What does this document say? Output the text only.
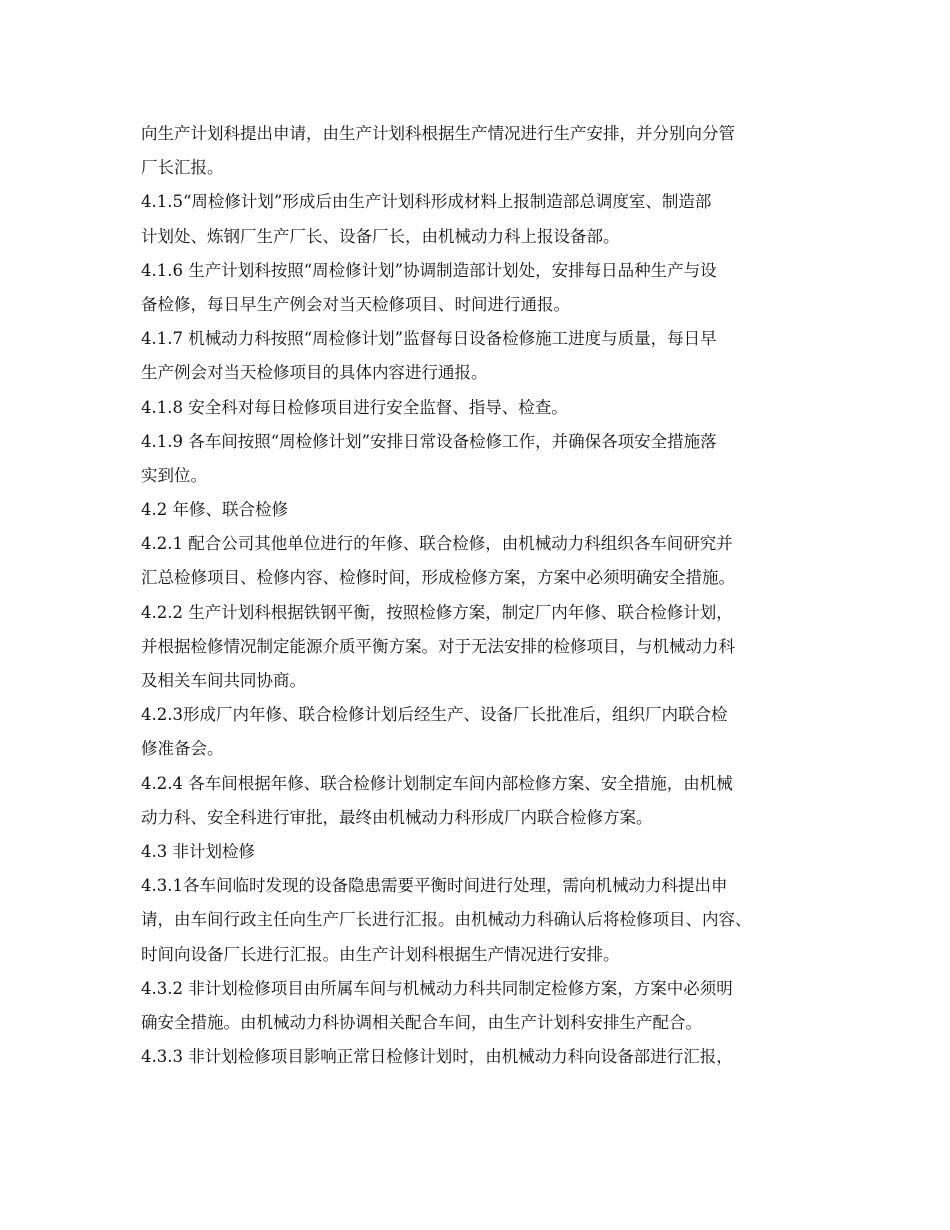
向生产计划科提出申请，由生产计划科根据生产情况进行生产安排，并分别向分管
厂长汇报。
4.1.5“周检修计划”形成后由生产计划科形成材料上报制造部总调度室、制造部
计划处、炼钢厂生产厂长、设备厂长，由机械动力科上报设备部。
4.1.6 生产计划科按照“周检修计划”协调制造部计划处，安排每日品种生产与设
备检修，每日早生产例会对当天检修项目、时间进行通报。
4.1.7 机械动力科按照“周检修计划”监督每日设备检修施工进度与质量，每日早
生产例会对当天检修项目的具体内容进行通报。
4.1.8 安全科对每日检修项目进行安全监督、指导、检查。
4.1.9 各车间按照“周检修计划”安排日常设备检修工作，并确保各项安全措施落
实到位。
4.2 年修、联合检修
4.2.1 配合公司其他单位进行的年修、联合检修，由机械动力科组织各车间研究并
汇总检修项目、检修内容、检修时间，形成检修方案，方案中必须明确安全措施。
4.2.2 生产计划科根据铁钢平衡，按照检修方案，制定厂内年修、联合检修计划，
并根据检修情况制定能源介质平衡方案。对于无法安排的检修项目，与机械动力科
及相关车间共同协商。
4.2.3形成厂内年修、联合检修计划后经生产、设备厂长批准后，组织厂内联合检
修准备会。
4.2.4 各车间根据年修、联合检修计划制定车间内部检修方案、安全措施，由机械
动力科、安全科进行审批，最终由机械动力科形成厂内联合检修方案。
4.3 非计划检修
4.3.1各车间临时发现的设备隐患需要平衡时间进行处理，需向机械动力科提出申
请，由车间行政主任向生产厂长进行汇报。由机械动力科确认后将检修项目、内容、
时间向设备厂长进行汇报。由生产计划科根据生产情况进行安排。
4.3.2 非计划检修项目由所属车间与机械动力科共同制定检修方案，方案中必须明
确安全措施。由机械动力科协调相关配合车间，由生产计划科安排生产配合。
4.3.3 非计划检修项目影响正常日检修计划时，由机械动力科向设备部进行汇报，
